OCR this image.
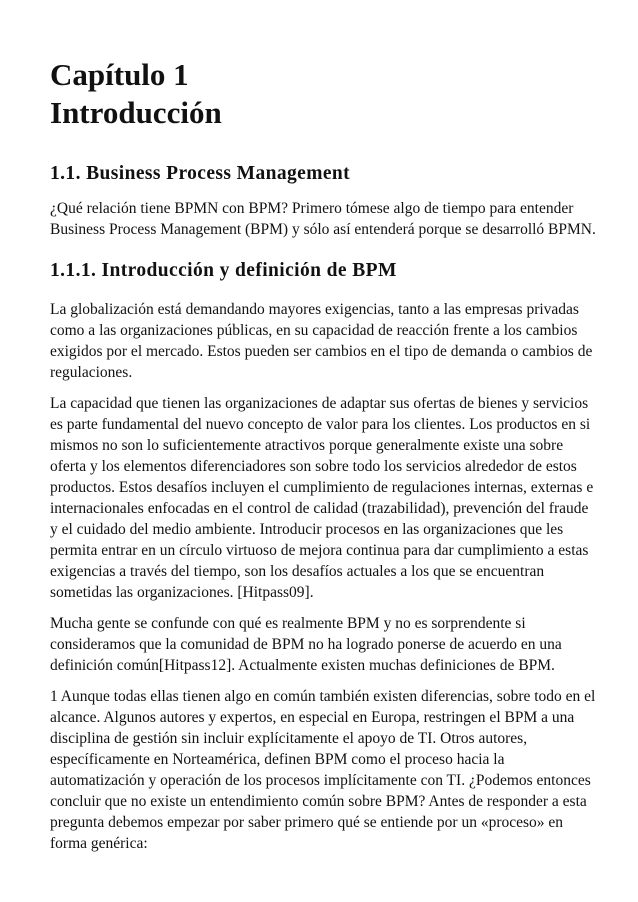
Capítulo 1
Introducción
1.1. Business Process Management

¿Qué relación tiene BPMN con BPM? Primero tómese algo de tiempo para entender Business Process Management (BPM) y sólo así entenderá porque se desarrolló BPMN.

1.1.1. Introducción y definición de BPM

La globalización está demandando mayores exigencias, tanto a las empresas privadas como a las organizaciones públicas, en su capacidad de reacción frente a los cambios exigidos por el mercado. Estos pueden ser cambios en el tipo de demanda o cambios de regulaciones.

La capacidad que tienen las organizaciones de adaptar sus ofertas de bienes y servicios es parte fundamental del nuevo concepto de valor para los clientes. Los productos en si mismos no son lo suficientemente atractivos porque generalmente existe una sobre oferta y los elementos diferenciadores son sobre todo los servicios alrededor de estos productos. Estos desafíos incluyen el cumplimiento de regulaciones internas, externas e internacionales enfocadas en el control de calidad (trazabilidad), prevención del fraude y el cuidado del medio ambiente. Introducir procesos en las organizaciones que les permita entrar en un círculo virtuoso de mejora continua para dar cumplimiento a estas exigencias a través del tiempo, son los desafíos actuales a los que se encuentran sometidas las organizaciones. [Hitpass09].

Mucha gente se confunde con qué es realmente BPM y no es sorprendente si consideramos que la comunidad de BPM no ha logrado ponerse de acuerdo en una definición común[Hitpass12]. Actualmente existen muchas definiciones de BPM.

1 Aunque todas ellas tienen algo en común también existen diferencias, sobre todo en el alcance. Algunos autores y expertos, en especial en Europa, restringen el BPM a una disciplina de gestión sin incluir explícitamente el apoyo de TI. Otros autores, específicamente en Norteamérica, definen BPM como el proceso hacia la automatización y operación de los procesos implícitamente con TI. ¿Podemos entonces concluir que no existe un entendimiento común sobre BPM? Antes de responder a esta pregunta debemos empezar por saber primero qué se entiende por un «proceso» en forma genérica:
